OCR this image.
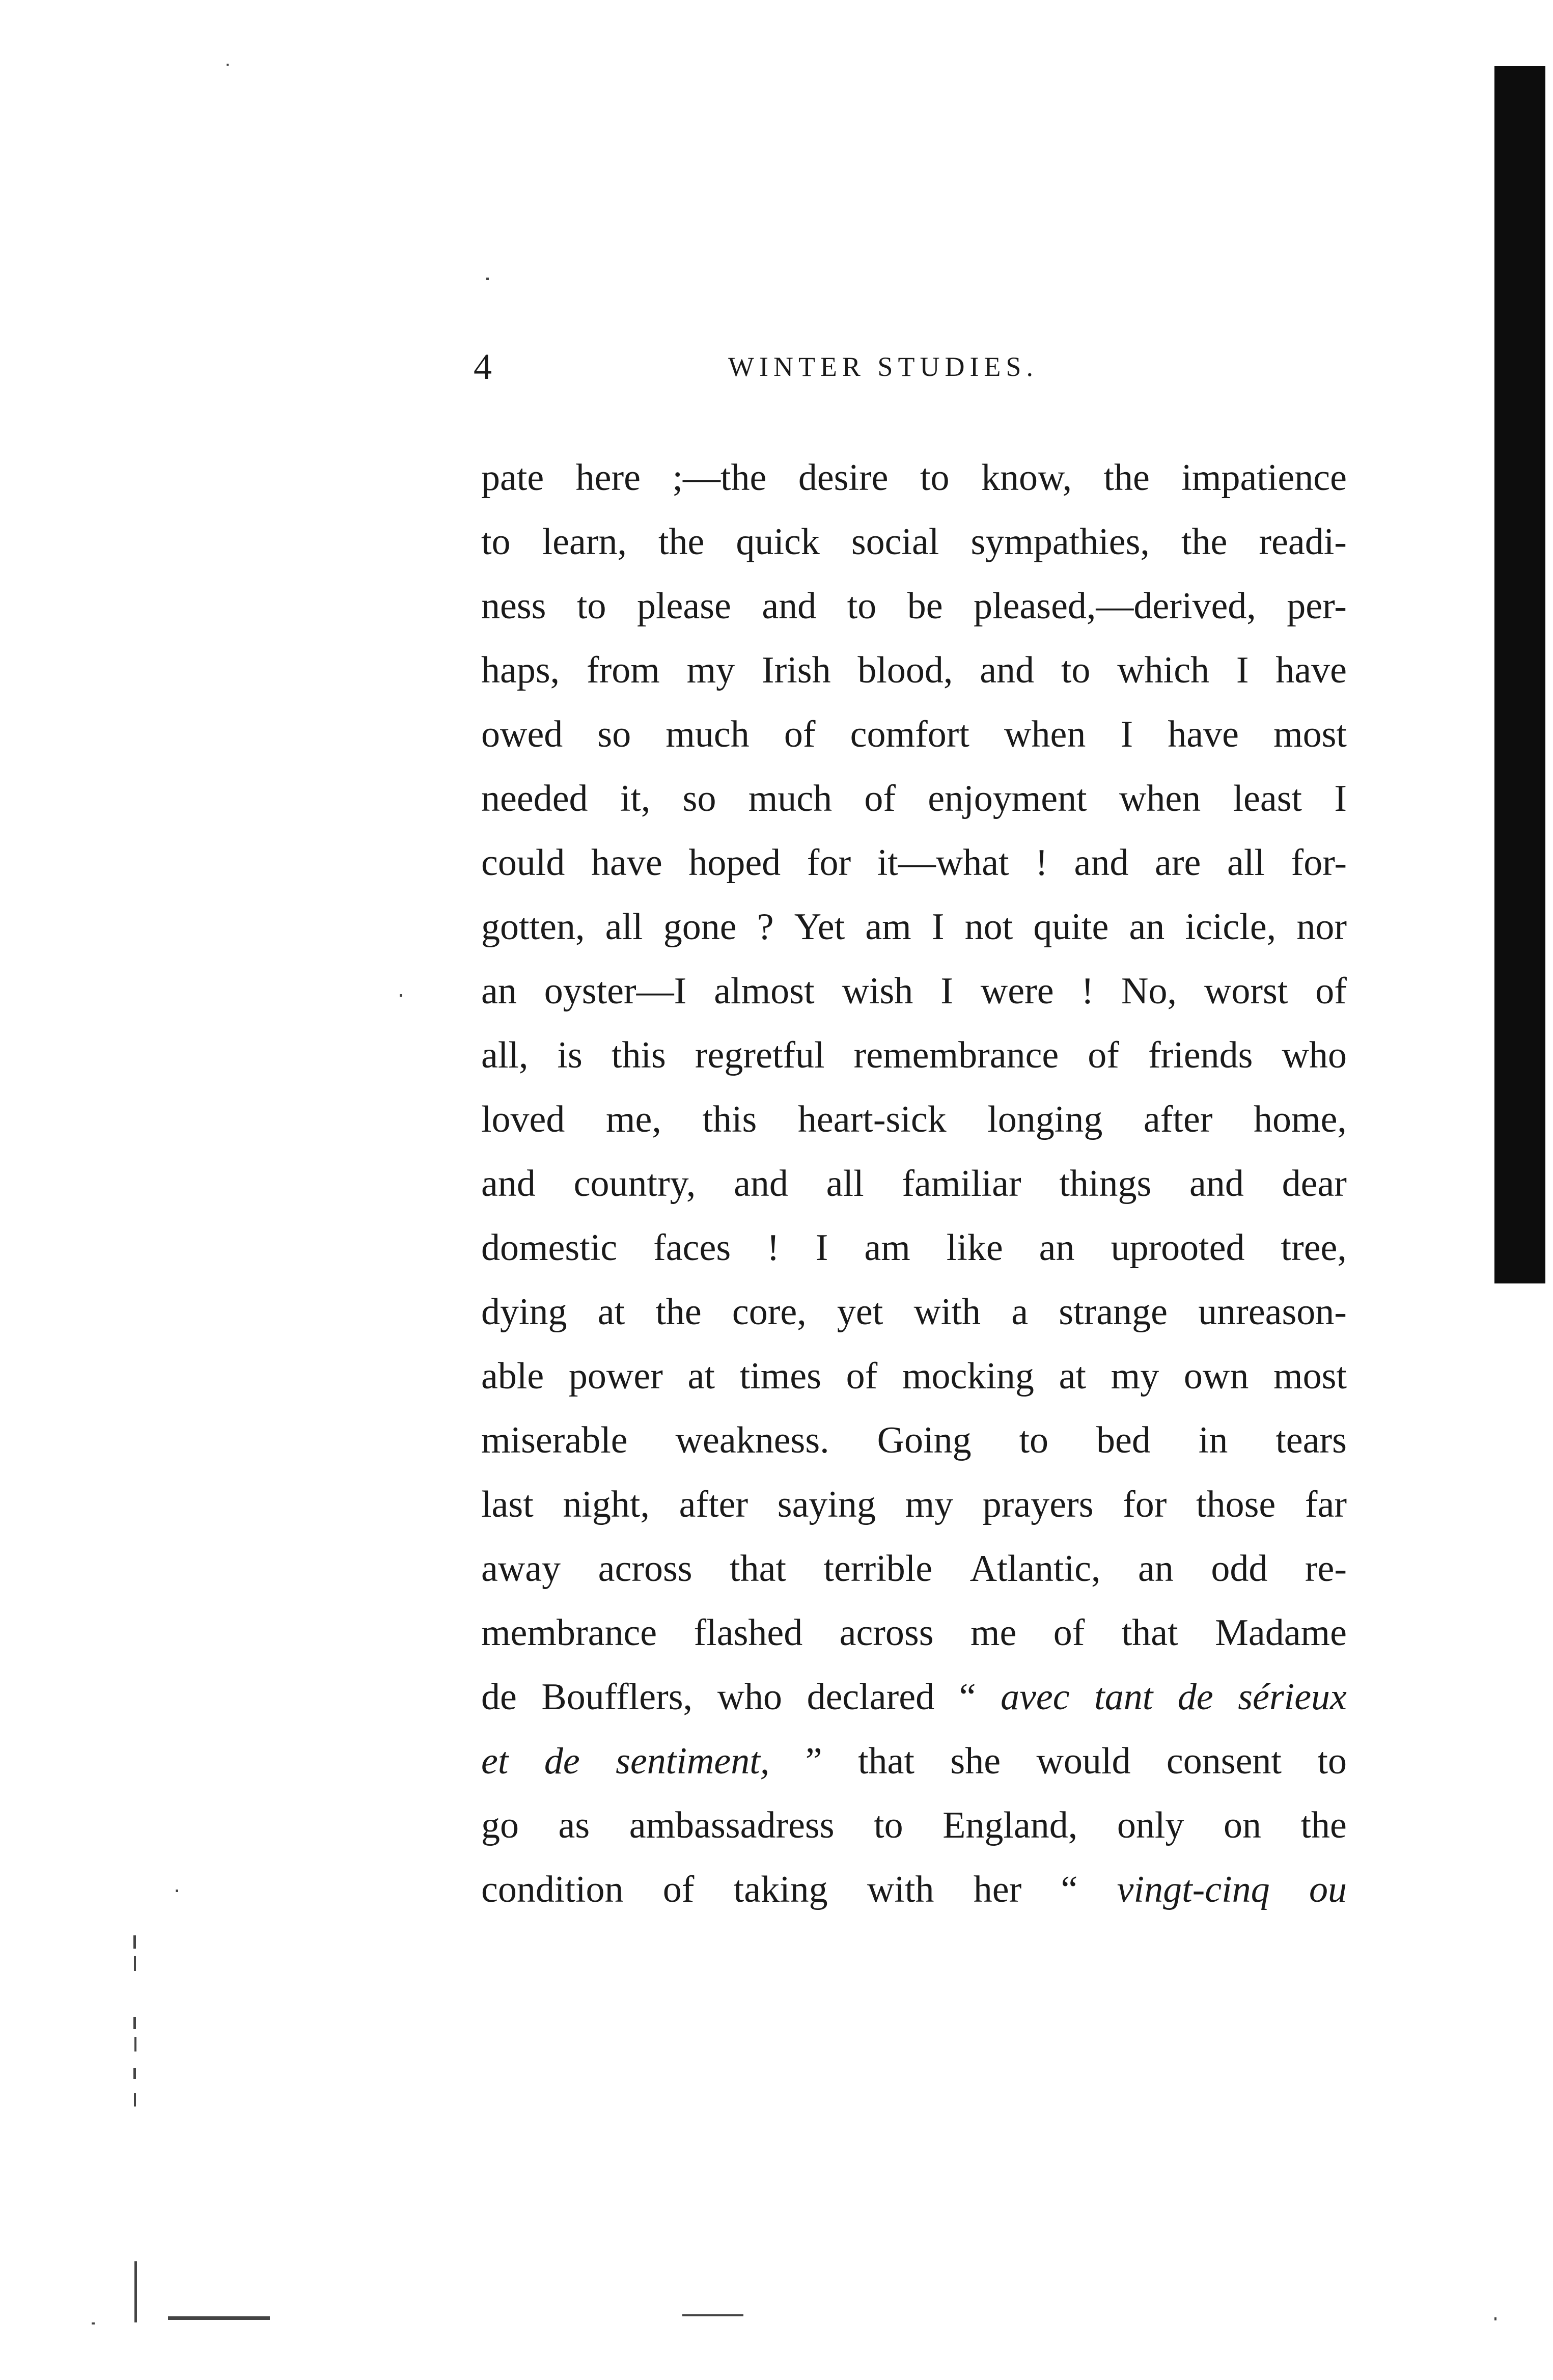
4	WINTER STUDIES.
pate here ;—the desire to know, the impatience
to learn, the quick social sympathies, the readi-
ness to please and to be pleased,—derived, per-
haps, from my Irish blood, and to which I have
owed so much of comfort when I have most
needed it, so much of enjoyment when least I
could have hoped for it—what ! and are all for-
gotten, all gone ? Yet am I not quite an icicle, nor
an oyster—I almost wish I were ! No, worst of
all, is this regretful remembrance of friends who
loved me, this heart-sick longing after home,
and country, and all familiar things and dear
domestic faces ! I am like an uprooted tree,
dying at the core, yet with a strange unreason-
able power at times of mocking at my own most
miserable weakness. Going to bed in tears
last night, after saying my prayers for those far
away across that terrible Atlantic, an odd re-
membrance flashed across me of that Madame
de Boufflers, who declared “ avec tant de sérieux
et de sentiment, ” that she would consent to
go as ambassadress to England, only on the
condition of taking with her “ vingt-cinq ou
